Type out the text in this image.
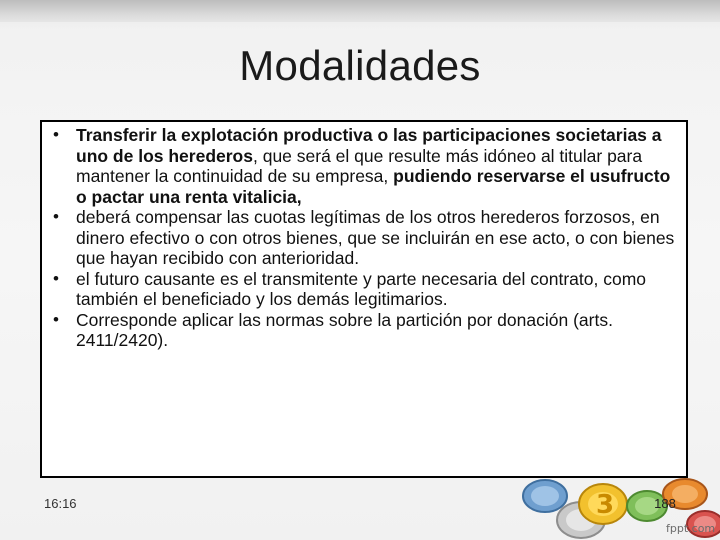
Modalidades
• Transferir la explotación productiva o las participaciones societarias a uno de los herederos, que será el que resulte más idóneo al titular para mantener la continuidad de su empresa, pudiendo reservarse el usufructo o pactar una renta vitalicia,
• deberá compensar las cuotas legítimas de los otros herederos forzosos, en dinero efectivo o con otros bienes, que se incluirán en ese acto, o con bienes que hayan recibido con anterioridad.
• el futuro causante es el transmitente y parte necesaria del contrato, como también el beneficiado y los demás legitimarios.
• Corresponde aplicar las normas sobre la partición por donación (arts. 2411/2420).
3
16:16	188
fppt.com
